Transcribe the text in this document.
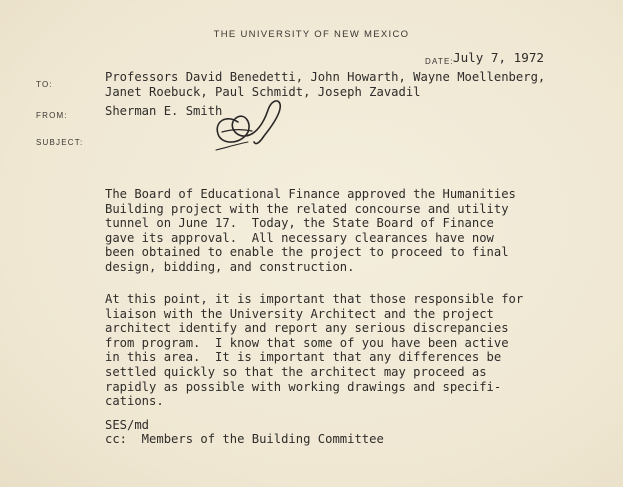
THE UNIVERSITY OF NEW MEXICO
DATE: July 7, 1972
TO:
Professors David Benedetti, John Howarth, Wayne Moellenberg,
Janet Roebuck, Paul Schmidt, Joseph Zavadil
FROM:	Sherman E. Smith
SUBJECT:
The Board of Educational Finance approved the Humanities
Building project with the related concourse and utility
tunnel on June 17.  Today, the State Board of Finance
gave its approval.  All necessary clearances have now
been obtained to enable the project to proceed to final
design, bidding, and construction.
At this point, it is important that those responsible for
liaison with the University Architect and the project
architect identify and report any serious discrepancies
from program.  I know that some of you have been active
in this area.  It is important that any differences be
settled quickly so that the architect may proceed as
rapidly as possible with working drawings and specifi-
cations.
SES/md
cc:  Members of the Building Committee
